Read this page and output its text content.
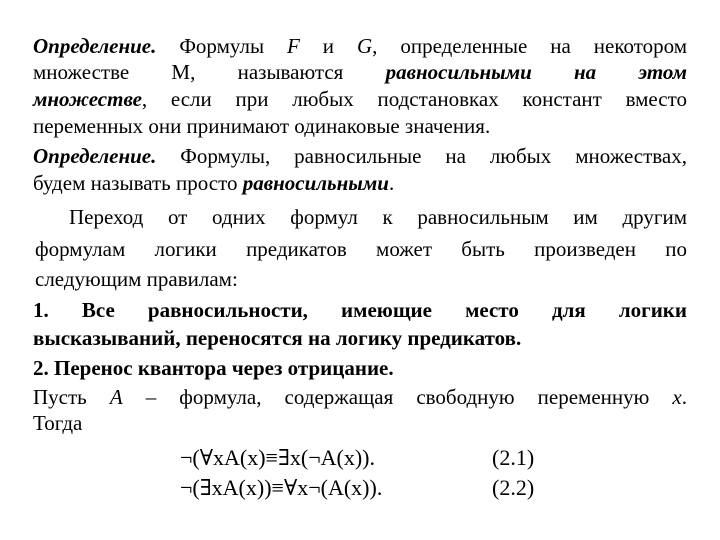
Определение. Формулы F и G, определенные на некотором
множестве М, называются равносильными на этом
множестве, если при любых подстановках констант вместо
переменных они принимают одинаковые значения.
Определение. Формулы, равносильные на любых множествах,
будем называть просто равносильными.
Переход от одних формул к равносильным им другим
формулам логики предикатов может быть произведен по
следующим правилам:
1. Все равносильности, имеющие место для логики
высказываний, переносятся на логику предикатов.
2. Перенос квантора через отрицание.
Пусть A – формула, содержащая свободную переменную x.
Тогда
¬(∀xA(x)≡∃x(¬A(x)).	(2.1)
¬(∃xA(x))≡∀x¬(A(x)).	(2.2)
